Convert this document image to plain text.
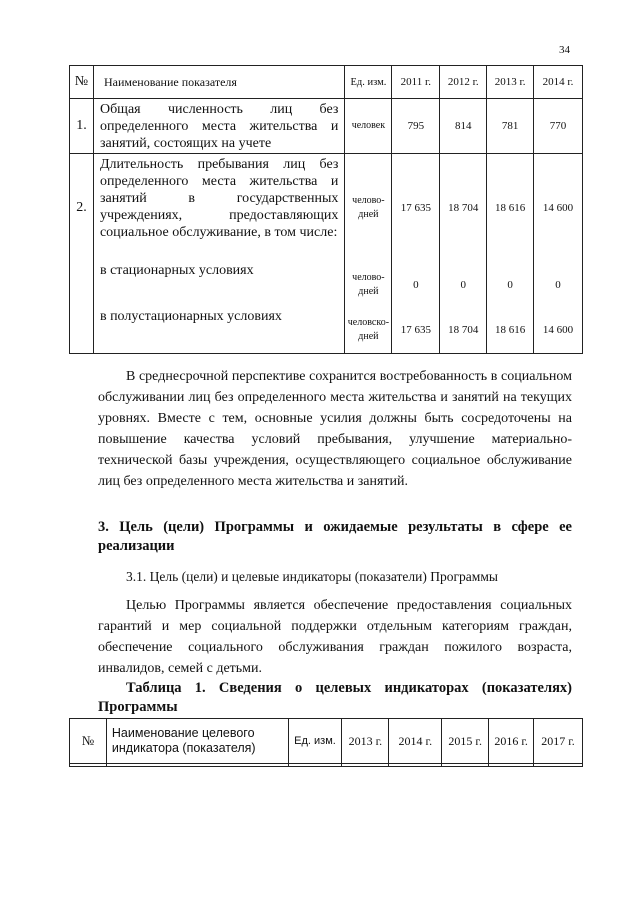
34
№	Наименование показателя	Ед. изм.	2011 г.	2012 г.	2013 г.	2014 г.
1.	Общая численность лиц без определенного места жительства и занятий, состоящих на учете	человек	795	814	781	770
2.	Длительность пребывания лиц без определенного места жительства и занятий в государственных учреждениях, предоставляющих социальное обслуживание, в том числе:	челово-дней	17 635	18 704	18 616	14 600
	в стационарных условиях	челово-дней	0	0	0	0
	в полустационарных условиях	человско-дней	17 635	18 704	18 616	14 600

В среднесрочной перспективе сохранится востребованность в социальном обслуживании лиц без определенного места жительства и занятий на текущих уровнях. Вместе с тем, основные усилия должны быть сосредоточены на повышение качества условий пребывания, улучшение материально-технической базы учреждения, осуществляющего социальное обслуживание лиц без определенного места жительства и занятий.

3. Цель (цели) Программы и ожидаемые результаты в сфере ее реализации

3.1. Цель (цели) и целевые индикаторы (показатели) Программы

Целью Программы является обеспечение предоставления социальных гарантий и мер социальной поддержки отдельным категориям граждан, обеспечение социального обслуживания граждан пожилого возраста, инвалидов, семей с детьми.

Таблица 1. Сведения о целевых индикаторах (показателях) Программы

№	Наименование целевого индикатора (показателя)	Ед. изм.	2013 г.	2014 г.	2015 г.	2016 г.	2017 г.
